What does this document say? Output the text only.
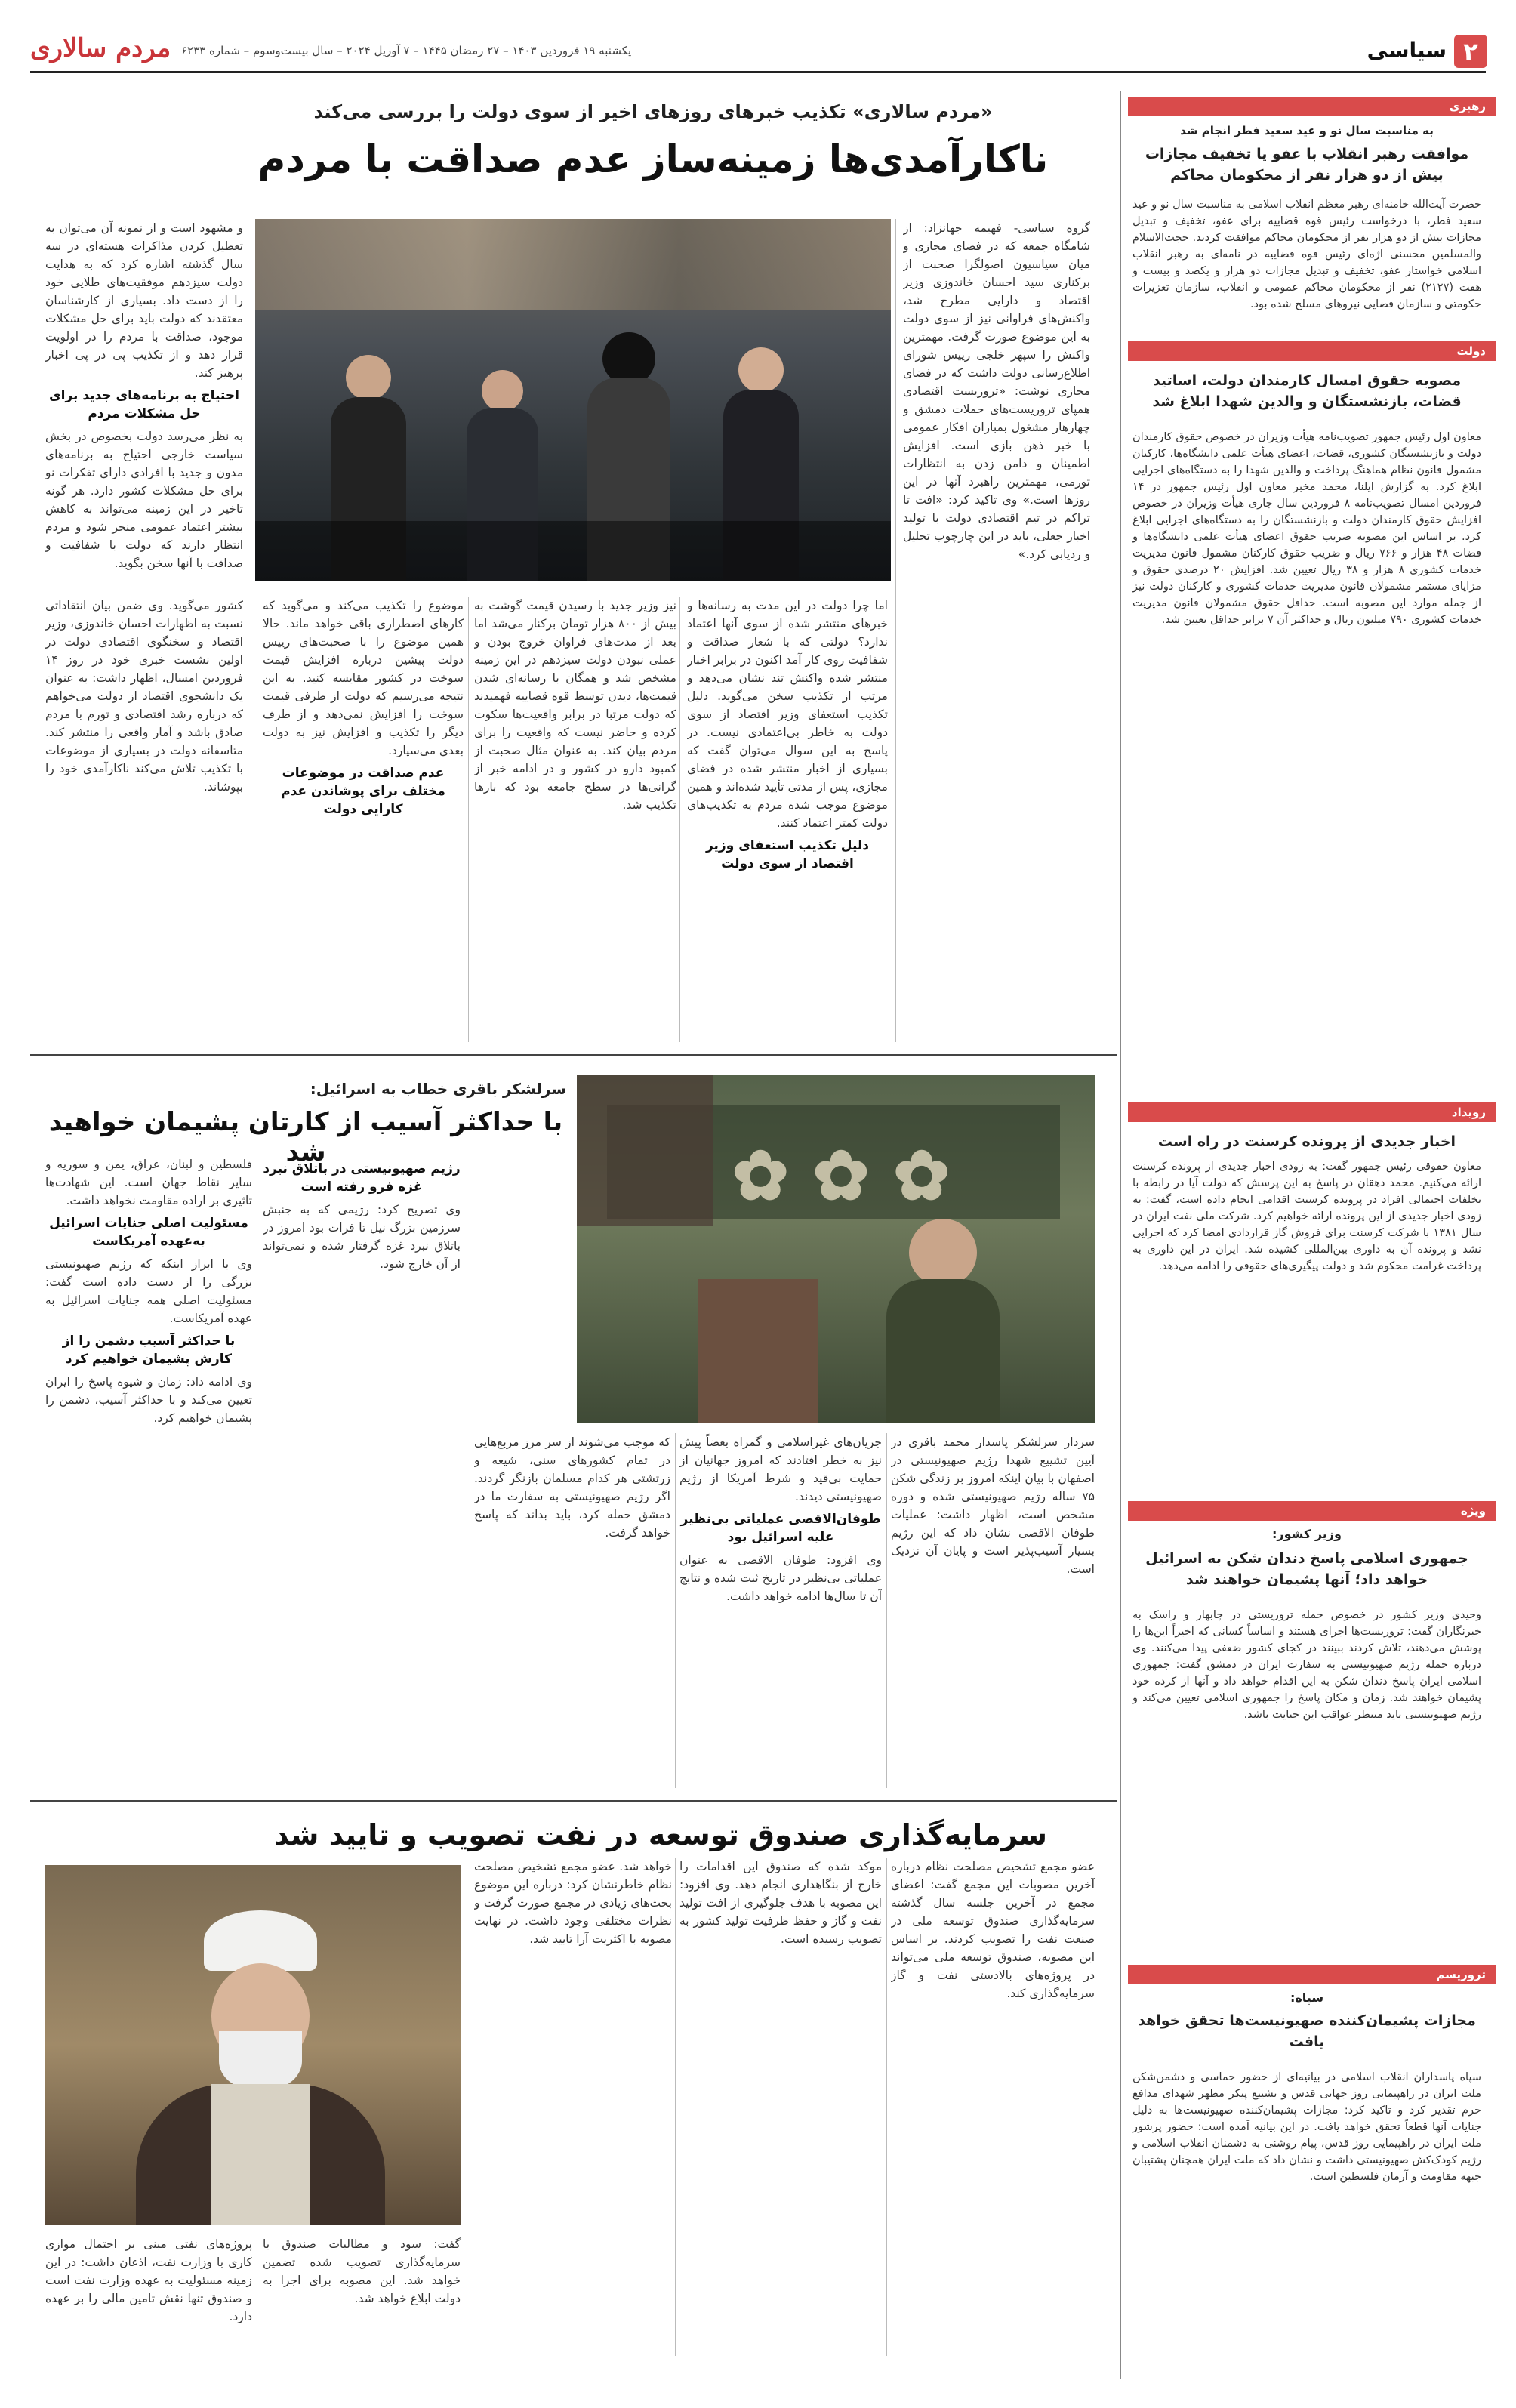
۲
سیاسی
یکشنبه ۱۹ فروردین ۱۴۰۳ – ۲۷ رمضان ۱۴۴۵ – ۷ آوریل ۲۰۲۴ – سال بیست‌وسوم – شماره ۶۲۳۳
مردم سالاری
«مردم سالاری» تکذیب خبرهای روزهای اخیر از سوی دولت را بررسی می‌کند
ناکارآمدی‌ها زمینه‌ساز عدم صداقت با مردم

گروه سیاسی- فهیمه جهانزاد: از شامگاه جمعه که در فضای مجازی و میان سیاسیون اصولگرا صحبت از برکناری سید احسان خاندوزی وزیر اقتصاد و دارایی مطرح شد، واکنش‌های فراوانی نیز از سوی دولت به این موضوع صورت گرفت. مهمترین واکنش را سپهر خلجی رییس شورای اطلاع‌رسانی دولت داشت که در فضای مجازی نوشت: «تروریست اقتصادی همپای تروریست‌های حملات دمشق و چهارهار مشغول بمباران افکار عمومی با خبر ذهن بازی است. افزایش اطمینان و دامن زدن به انتظارات تورمی، مهمترین راهبرد آنها در این روزها است.» وی تاکید کرد: «افت تا تراکم در تیم اقتصادی دولت با تولید اخبار جعلی، باید در این چارچوب تحلیل و رديابی کرد.»

اما چرا دولت در این مدت به رسانه‌ها و خبرهای منتشر شده از سوی آنها اعتماد ندارد؟ دولتی که با شعار صداقت و شفافیت روی کار آمد اکنون در برابر اخبار منتشر شده واکنش تند نشان می‌دهد و مرتب از تکذیب سخن می‌گوید. دلیل تکذیب استعفای وزیر اقتصاد از سوی دولت به خاطر بی‌اعتمادی نیست. در پاسخ به این سوال می‌توان گفت که بسیاری از اخبار منتشر شده در فضای مجازی، پس از مدتی تأیید شده‌اند و همین موضوع موجب شده مردم به تکذیب‌های دولت کمتر اعتماد کنند.

دلیل تکذیب استعفای وزیر اقتصاد از سوی دولت

نیز وزیر جدید با رسیدن قیمت گوشت به بیش از ۸۰۰ هزار تومان برکنار می‌شد اما بعد از مدت‌های فراوان خروج بودن و عملی نبودن دولت سیزدهم در این زمینه مشخص شد و همگان با رسانه‌ای شدن قیمت‌ها، دیدن توسط قوه قضاییه فهمیدند که دولت مرتبا در برابر واقعیت‌ها سکوت کرده و حاضر نیست که واقعیت را برای مردم بیان کند. به عنوان مثال صحبت از کمبود دارو در کشور و در ادامه خبر از گرانی‌ها در سطح جامعه بود که بارها تکذیب شد.

موضوع را تکذیب می‌کند و می‌گوید که کارهای اضطراری باقی خواهد ماند. حالا همین موضوع را با صحبت‌های رییس دولت پیشین درباره افزایش قیمت سوخت در کشور مقایسه کنید. به این نتیجه می‌رسیم که دولت از طرفی قیمت سوخت را افزایش نمی‌دهد و از طرف دیگر را تکذیب و افزایش نیز به دولت بعدی می‌سپارد.

عدم صداقت در موضوعات مختلف برای پوشاندن عدم کارایی دولت

کشور می‌گوید. وی ضمن بیان انتقاداتی نسبت به اظهارات احسان خاندوزی، وزیر اقتصاد و سخنگوی اقتصادی دولت در اولین نشست خبری خود در روز ۱۴ فروردین امسال، اظهار داشت: به عنوان یک دانشجوی اقتصاد از دولت می‌خواهم که درباره رشد اقتصادی و تورم با مردم صادق باشد و آمار واقعی را منتشر کند. متاسفانه دولت در بسیاری از موضوعات با تکذیب تلاش می‌کند ناکارآمدی خود را بپوشاند.

و مشهود است و از نمونه آن می‌توان به تعطیل کردن مذاکرات هسته‌ای در سه سال گذشته اشاره کرد که به هدایت دولت سیزدهم موفقیت‌های طلایی خود را از دست داد. بسیاری از کارشناسان معتقدند که دولت باید برای حل مشکلات موجود، صداقت با مردم را در اولویت قرار دهد و از تکذیب پی در پی اخبار پرهیز کند.

احتیاج به برنامه‌های جدید برای حل مشکلات مردم

به نظر می‌رسد دولت بخصوص در بخش سیاست خارجی احتیاج به برنامه‌های مدون و جدید با افرادی دارای تفکرات نو برای حل مشکلات کشور دارد. هر گونه تاخیر در این زمینه می‌تواند به کاهش بیشتر اعتماد عمومی منجر شود و مردم انتظار دارند که دولت با شفافیت و صداقت با آنها سخن بگوید.

✿ ✿ ✿
سرلشکر باقری خطاب به اسرائیل:
با حداکثر آسیب از کارتان پشیمان خواهید شد

سردار سرلشکر پاسدار محمد باقری در آیین تشییع شهدا رژیم صهیونیستی در اصفهان با بیان اینکه امروز بر زندگی شکن ۷۵ ساله رژیم صهیونیستی شده و دوره مشخص است، اظهار داشت: عملیات طوفان الاقصی نشان داد که این رژیم بسیار آسیب‌پذیر است و پایان آن نزدیک است.

جریان‌های غیراسلامی و گمراه بعضاً پیش نیز به خطر افتادند که امروز جهانیان از حمایت بی‌قید و شرط آمریکا از رژیم صهیونیستی دیدند.

طوفان‌الاقصی عملیاتی بی‌نظیر علیه اسرائیل بود

وی افزود: طوفان الاقصی به عنوان عملیاتی بی‌نظیر در تاریخ ثبت شده و نتایج آن تا سال‌ها ادامه خواهد داشت.

که موجب می‌شوند از سر مرز مربع‌هایی در تمام کشورهای سنی، شیعه و زرتشتی هر کدام مسلمان بازنگر گردند. اگر رژیم صهیونیستی به سفارت ما در دمشق حمله کرد، باید بداند که پاسخ خواهد گرفت.

رژیم صهیونیستی در باتلاق نبرد غزه فرو رفته است

وی تصریح کرد: رژیمی که به جنبش سرزمین بزرگ نیل تا فرات بود امروز در باتلاق نبرد غزه گرفتار شده و نمی‌تواند از آن خارج شود.

فلسطین و لبنان، عراق، یمن و سوریه و سایر نقاط جهان است. این شهادت‌ها تاثیری بر اراده مقاومت نخواهد داشت.

مسئولیت اصلی جنایات اسرائیل به‌عهده آمریکاست

وی با ابراز اینکه که رژیم صهیونیستی بزرگی را از دست داده است گفت: مسئولیت اصلی همه جنایات اسرائیل به عهده آمریکاست.

با حداکثر آسیب دشمن را از کارش پشیمان خواهیم کرد

وی ادامه داد: زمان و شیوه پاسخ را ایران تعیین می‌کند و با حداکثر آسیب، دشمن را پشیمان خواهیم کرد.

سرمایه‌گذاری صندوق توسعه در نفت تصویب و تایید شد

عضو مجمع تشخیص مصلحت نظام درباره آخرین مصوبات این مجمع گفت: اعضای مجمع در آخرین جلسه سال گذشته سرمایه‌گذاری صندوق توسعه ملی در صنعت نفت را تصویب کردند. بر اساس این مصوبه، صندوق توسعه ملی می‌تواند در پروژه‌های بالادستی نفت و گاز سرمایه‌گذاری کند.

موکد شده که صندوق این اقدامات را خارج از بنگاهداری انجام دهد. وی افزود: این مصوبه با هدف جلوگیری از افت تولید نفت و گاز و حفظ ظرفیت تولید کشور به تصویب رسیده است.

خواهد شد. عضو مجمع تشخیص مصلحت نظام خاطرنشان کرد: درباره این موضوع بحث‌های زیادی در مجمع صورت گرفت و نظرات مختلفی وجود داشت. در نهایت مصوبه با اکثریت آرا تایید شد.

گفت: سود و مطالبات صندوق با سرمایه‌گذاری تصویب شده تضمین خواهد شد. این مصوبه برای اجرا به دولت ابلاغ خواهد شد.

پروژه‌های نفتی مبنی بر احتمال موازی کاری با وزارت نفت، اذعان داشت: در این زمینه مسئولیت به عهده وزارت نفت است و صندوق تنها نقش تامین مالی را بر عهده دارد.

رهبری
به مناسبت سال نو و عید سعید فطر انجام شد
موافقت رهبر انقلاب با عفو یا تخفیف مجازات بیش از دو هزار نفر از محکومان محاکم

حضرت آیت‌الله خامنه‌ای رهبر معظم انقلاب اسلامی به مناسبت سال نو و عید سعید فطر، با درخواست رئیس قوه قضاییه برای عفو، تخفیف و تبدیل مجازات بیش از دو هزار نفر از محکومان محاکم موافقت کردند. حجت‌الاسلام والمسلمین محسنی اژه‌ای رئیس قوه قضاییه در نامه‌ای به رهبر انقلاب اسلامی خواستار عفو، تخفیف و تبدیل مجازات دو هزار و یکصد و بیست و هفت (۲۱۲۷) نفر از محکومان محاکم عمومی و انقلاب، سازمان تعزیرات حکومتی و سازمان قضایی نیروهای مسلح شده بود.

دولت
مصوبه حقوق امسال کارمندان دولت، اساتید قضات، بازنشستگان و والدین شهدا ابلاغ شد

معاون اول رئیس جمهور تصویب‌نامه هیأت وزیران در خصوص حقوق کارمندان دولت و بازنشستگان کشوری، قضات، اعضای هیأت علمی دانشگاه‌ها، کارکنان مشمول قانون نظام هماهنگ پرداخت و والدین شهدا را به دستگاه‌های اجرایی ابلاغ کرد. به گزارش ایلنا، محمد مخبر معاون اول رئیس جمهور در ۱۴ فروردین امسال تصویب‌نامه ۸ فروردین سال جاری هیأت وزیران در خصوص افزایش حقوق کارمندان دولت و بازنشستگان را به دستگاه‌های اجرایی ابلاغ کرد. بر اساس این مصوبه ضریب حقوق اعضای هیأت علمی دانشگاه‌ها و قضات ۴۸ هزار و ۷۶۶ ریال و ضریب حقوق کارکنان مشمول قانون مدیریت خدمات کشوری ۸ هزار و ۳۸ ریال تعیین شد. افزایش ۲۰ درصدی حقوق و مزایای مستمر مشمولان قانون مدیریت خدمات کشوری و کارکنان دولت نیز از جمله موارد این مصوبه است. حداقل حقوق مشمولان قانون مدیریت خدمات کشوری ۷۹۰ میلیون ریال و حداکثر آن ۷ برابر حداقل تعیین شد.

رویداد
اخبار جدیدی از پرونده کرسنت در راه است

معاون حقوقی رئیس جمهور گفت: به زودی اخبار جدیدی از پرونده کرسنت ارائه می‌کنیم. محمد دهقان در پاسخ به این پرسش که دولت آیا در رابطه با تخلفات احتمالی افراد در پرونده کرسنت اقدامی انجام داده است، گفت: به زودی اخبار جدیدی از این پرونده ارائه خواهیم کرد. شرکت ملی نفت ایران در سال ۱۳۸۱ با شرکت کرسنت برای فروش گاز قراردادی امضا کرد که اجرایی نشد و پرونده آن به داوری بین‌المللی کشیده شد. ایران در این داوری به پرداخت غرامت محکوم شد و دولت پیگیری‌های حقوقی را ادامه می‌دهد.

ویژه
وزیر کشور:
جمهوری اسلامی پاسخ دندان شکن به اسرائیل خواهد داد؛ آنها پشیمان خواهند شد

وحیدی وزیر کشور در خصوص حمله تروریستی در چابهار و راسک به خبرنگاران گفت: تروریست‌ها اجرای هستند و اساساً کسانی که اخیراً این‌ها را پوشش می‌دهند، تلاش کردند ببینند در کجای کشور ضعفی پیدا می‌کنند. وی درباره حمله رژیم صهیونیستی به سفارت ایران در دمشق گفت: جمهوری اسلامی ایران پاسخ دندان شکن به این اقدام خواهد داد و آنها از کرده خود پشیمان خواهند شد. زمان و مکان پاسخ را جمهوری اسلامی تعیین می‌کند و رژیم صهیونیستی باید منتظر عواقب این جنایت باشد.

تروریسم
سپاه:
مجازات پشیمان‌کننده صهیونیست‌ها تحقق خواهد یافت

سپاه پاسداران انقلاب اسلامی در بیانیه‌ای از حضور حماسی و دشمن‌شکن ملت ایران در راهپیمایی روز جهانی قدس و تشییع پیکر مطهر شهدای مدافع حرم تقدیر کرد و تاکید کرد: مجازات پشیمان‌کننده صهیونیست‌ها به دلیل جنایات آنها قطعاً تحقق خواهد یافت. در این بیانیه آمده است: حضور پرشور ملت ایران در راهپیمایی روز قدس، پیام روشنی به دشمنان انقلاب اسلامی و رژیم کودک‌کش صهیونیستی داشت و نشان داد که ملت ایران همچنان پشتیبان جبهه مقاومت و آرمان فلسطین است.
